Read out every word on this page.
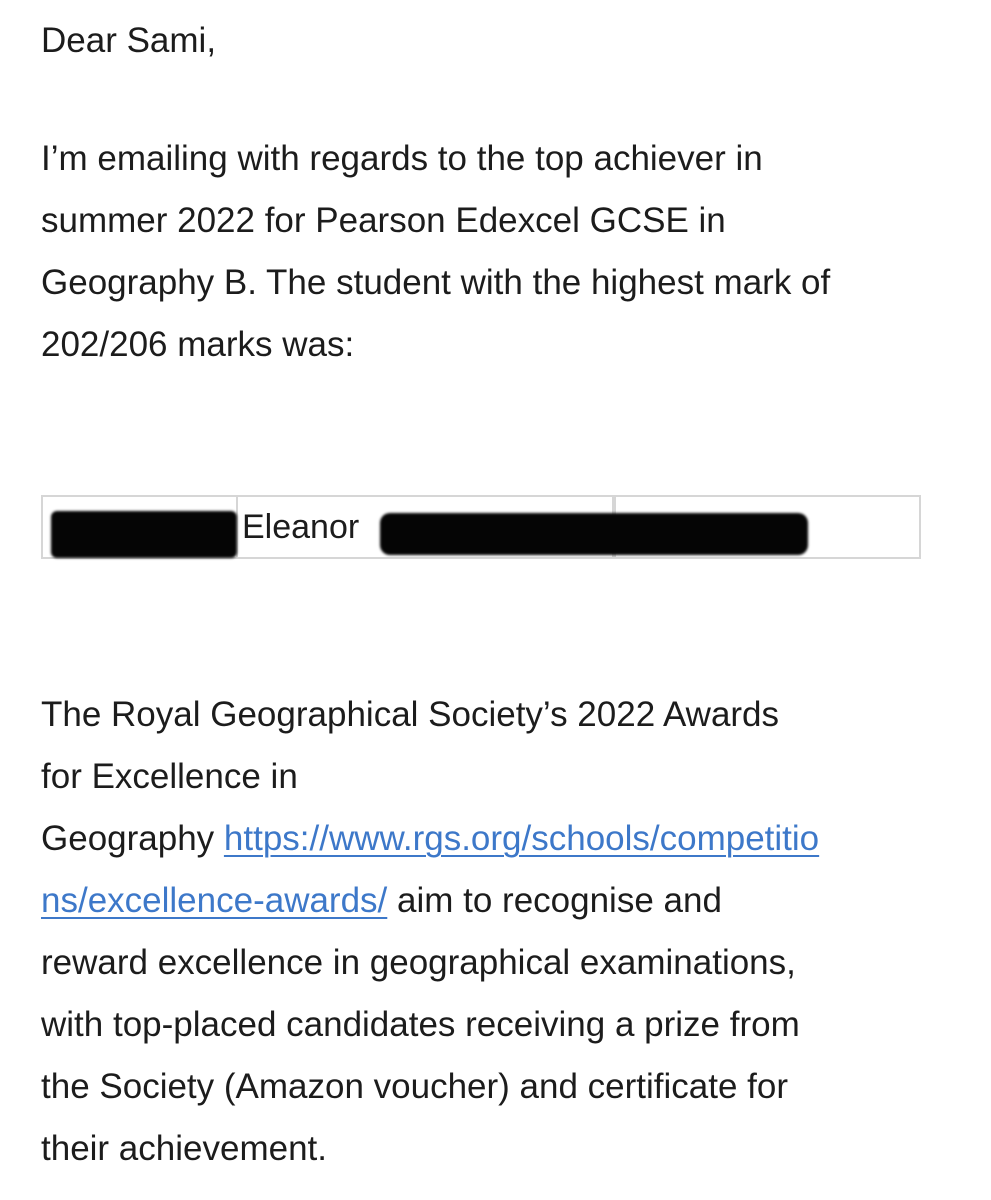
Dear Sami,

I’m emailing with regards to the top achiever in
summer 2022 for Pearson Edexcel GCSE in
Geography B. The student with the highest mark of
202/206 marks was:
	Eleanor		
The Royal Geographical Society’s 2022 Awards
for Excellence in
Geography https://www.rgs.org/schools/competitio
ns/excellence-awards/ aim to recognise and
reward excellence in geographical examinations,
with top-placed candidates receiving a prize from
the Society (Amazon voucher) and certificate for
their achievement.
